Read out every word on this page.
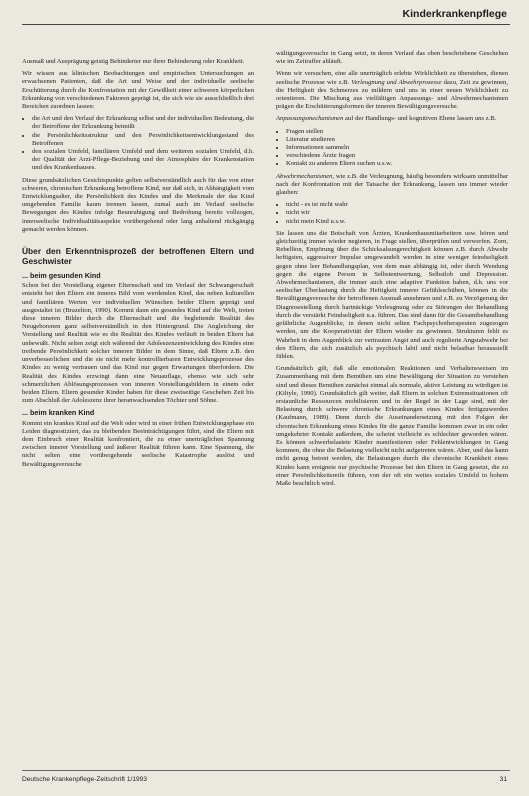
Kinderkrankenpflege

Ausmaß und Ausprägung geistig Behinderter nur ihrer Behinderung oder Krankheit.

Wir wissen aus klinischen Beobachtungen und empirischen Untersuchungen an erwachsenen Patienten, daß die Art und Weise und der individuelle seelische Erschütterung durch die Konfrontation mit der Gewißheit einer schweren körperlichen Erkrankung von verschiedenen Faktoren geprägt ist, die sich wie sie ausschließlich drei Bereichen zuordnen lassen:

• die Art und den Verlauf der Erkrankung selbst und der individuellen Bedeutung, die der Betroffene der Erkrankung beimißt
• die Persönlichkeitsstruktur und den Persönlichkeitsentwicklungsstand des Betroffenen
• den sozialen Umfeld, familiären Umfeld und dem weiteren sozialen Umfeld, d.h. der Qualität der Arzt-Pflege-Beziehung und der Atmosphäre der Krankenstation und des Krankenhauses.

Diese grundsätzlichen Gesichtspunkte gelten selbstverständlich auch für das von einer schweren, chronischen Erkrankung betroffene Kind, nur daß sich, in Abhängigkeit vom Entwicklungsalter, die Persönlichkeit des Kindes und die Merkmale der das Kind umgebenden Familie kaum trennen lassen, zumal auch im Verlauf seelische Bewegungen des Kindes infolge Beunruhigung und Bedrohung bereits vollzogen, innerseelische Individualitätsaspekte vorübergehend oder lang anhaltend rückgängig gemacht werden können.

Über den Erkenntnisprozeß der betroffenen Eltern und Geschwister
... beim gesunden Kind

Schon bei der Vorstellung eigener Elternschaft und im Verlauf der Schwangerschaft entsteht bei den Eltern ein inneres Bild vom werdenden Kind, das neben kulturellen und familiären Werten vor individuellen Wünschen beider Eltern geprägt und ausgestaltet ist (Brazelton, 1990). Kommt dann ein gesundes Kind auf die Welt, treten diese inneren Bilder durch die Elternschaft und die begleitende Realität des Neugeborenen ganz selbstverständlich in den Hintergrund. Die Angleichung der Vorstellung und Realität wie es die Realität des Kindes verläuft in beiden Eltern hat unbewußt. Nicht selten zeigt sich während der Adoleszenzentwicklung des Kindes eine treibende Persönlichkeit solcher inneren Bilder in dem Sinne, daß Eltern z.B. den unverbesserlichen und die sie nicht mehr kontrollierbaren Entwicklungsprozesse des Kindes zu wenig vertrauen und das Kind nur gegen Erwartungen überfordern. Die Realität des Kindes erzwingt dann eine Neuauflage, ebenso wie sich sehr schmerzlichen Ablösungsprozessen von inneren Vorstellungsbildern in einem oder beiden Eltern. Eltern gesunder Kinder haben für diese zweiseitige Geschehen Zeit bis zum Abschluß der Adoleszenz ihrer heranwachsenden Töchter und Söhne.

... beim kranken Kind

Kommt ein krankes Kind auf die Welt oder wird in einer frühen Entwicklungsphase ein Leiden diagnostiziert, das zu bleibenden Beeinträchtigungen führt, sind die Eltern mit dem Einbruch einer Realität konfrontiert, die zu einer unerträglichen Spannung zwischen innerer Vorstellung und äußerer Realität führen kann. Eine Spannung, die nicht selten eine vorübergehende seelische Katastrophe auslöst und Bewältigungsversuche

wältigungsversuche in Gang setzt, in deren Verlauf das oben beschriebene Geschehen wie im Zeitraffer abläuft.

Wenn wir versuchen, eine alle unerträglich erlebte Wirklichkeit zu überstehen, dienen seelische Prozesse wie z.B. Verleugnung und Abwehrprozesse dazu, Zeit zu gewinnen, die Heftigkeit des Schmerzes zu mildern und uns in einer neuen Wirklichkeit zu orientieren. Die Mischung aus vielfältigen Anpassungs- und Abwehrmechanismen prägen die Erschütterungsformen der inneren Bewältigungsversuche.

Anpassungsmechanismen auf der Handlungs- und kognitiven Ebene lassen uns z.B.

• Fragen stellen
• Literatur studieren
• Informationen sammeln
• verschiedene Ärzte fragen
• Kontakt zu anderen Eltern suchen u.s.w.

Abwehrmechanismen, wie z.B. die Verleugnung, häufig besonders wirksam unmittelbar nach der Konfrontation mit der Tatsache der Erkrankung, lassen uns immer wieder glauben:

• nicht - es ist nicht wahr
• nicht wir
• nicht mein Kind u.s.w.

Sie lassen uns die Botschaft von Ärzten, Krankenhausmitarbeitern usw. hören und gleichzeitig immer wieder negieren, in Frage stellen, überprüfen und verwerfen. Zorn, Rebellion, Empörung über die Schicksalsungerechtigkeit können z.B. durch Abwehr heftigsten, aggressiver Impulse umgewandelt werden in eine weniger feindseligkeit gegen ohne leer Behandlungsplan, von dem man abhängig ist, oder durch Wendung gegen die eigene Person in Selbstentwertung, Selbstlob und Depression. Abwehrmechanismen, die immer auch eine adaptive Funktion haben, d.h. uns vor seelischer Überlastung durch die Heftigkeit innerer Gefühlsschüben, können in die Bewältigungsversuche der betroffenen Ausmaß annehmen und z.B. zu Verzögerung der Diagnosestellung durch hartnäckige Verleugnung oder zu Störungen der Behandlung durch die verstärkt Feindseligkeit u.a. führen. Das sind dann für die Gesamtbehandlung gefährliche Augenblicke, in denen nicht selten Fachpsychotherapeuten zugezogen werden, um die Kooperativität der Eltern wieder zu gewinnen. Strukturen fehlt es Wahrheit in dem Augenblick zur vertrauten Angst und auch regulierte Angstabwehr bei den Eltern, die sich zusätzlich als psychisch labil und nicht belastbar herausstellt fühlen.

Grundsätzlich gilt, daß alle emotionalen Reaktionen und Verhaltensweisen im Zusammenhang mit dem Bemühen um eine Bewältigung der Situation zu verstehen sind und dieses Bemühen zunächst einmal als normale, aktive Leistung zu würdigen ist (Kiltyle, 1990). Grundsätzlich gilt weiter, daß Eltern in solchen Extremsituationen oft erstaunliche Ressourcen mobilisieren und in der Regel in der Lage sind, mit der Belastung durch schwere chronische Erkrankungen eines Kindes fertigzuwerden (Kaufmann, 1989). Denn durch die Auseinandersetzung mit den Folgen der chronischen Erkrankung eines Kindes für die ganze Familie kommen zwar in ein oder umgekehrter Kontakt außerdem, die scheint vielleicht es schlechter geworden wären. Es können schwerbelastete Kinder manifestieren oder Fehlentwicklungen in Gang kommen, die ohne die Belastung vielleicht nicht aufgetreten wären. Aber, und das kann nicht genug betont werden, die Belastungen durch die chronische Krankheit eines Kindes kann ereignete nur psychische Prozesse bei den Eltern in Gang gesetzt, die zu einer Persönlichkeitsreife führen, von der oft ein weites soziales Umfeld in hohem Maße beachtlich wird.

Deutsche Krankenpflege-Zeitschrift 1/1993	31
